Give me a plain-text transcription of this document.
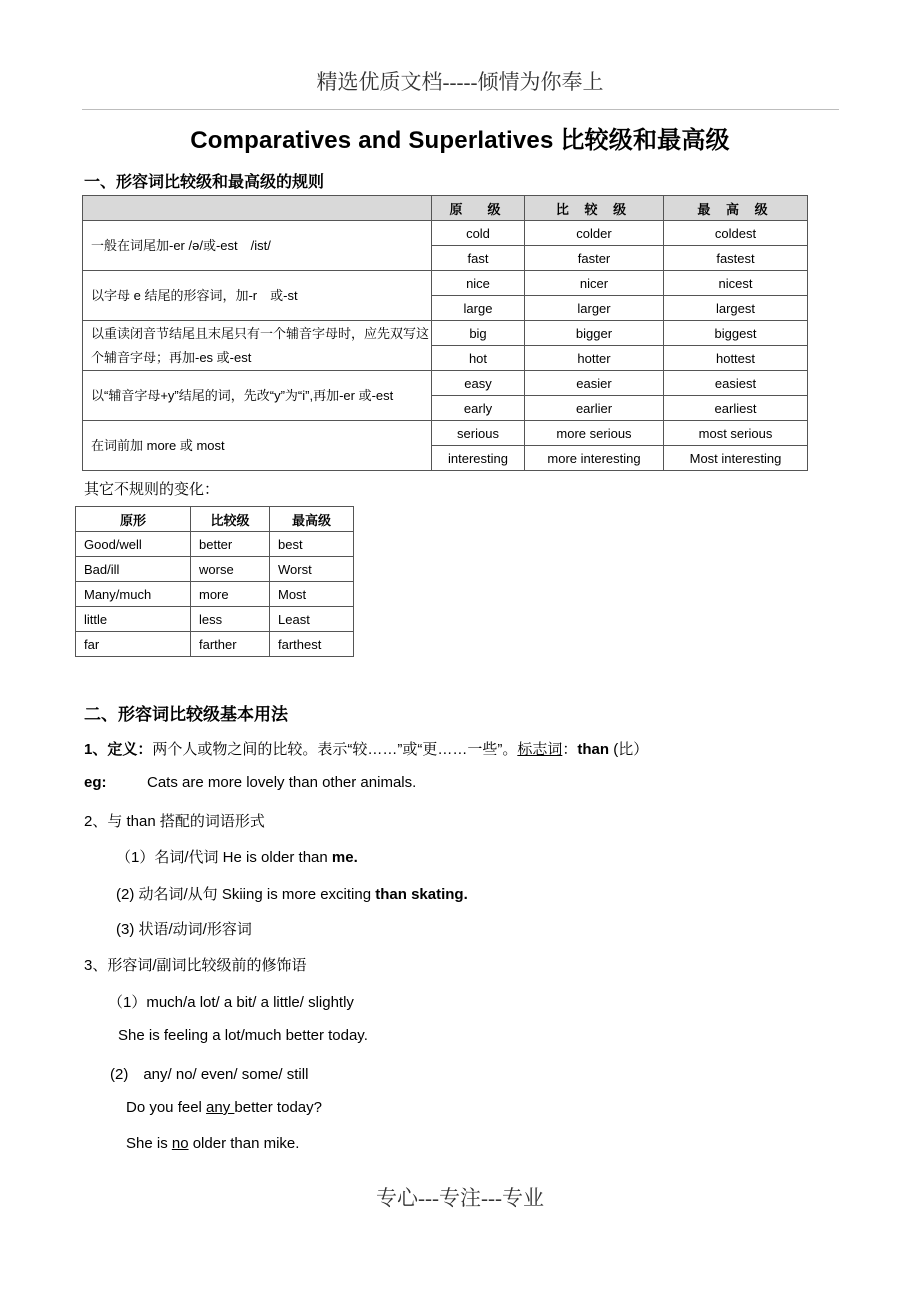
精选优质文档-----倾情为你奉上
Comparatives and Superlatives 比较级和最高级
一、形容词比较级和最高级的规则
	原　级	比 较 级	最 高 级
一般在词尾加-er /ə/或-est　/ist/	cold	colder	coldest
	fast	faster	fastest
以字母 e 结尾的形容词，加-r　或-st	nice	nicer	nicest
	large	larger	largest
以重读闭音节结尾且末尾只有一个辅音字母时，应先双写这个辅音字母；再加-es 或-est	big	bigger	biggest
	hot	hotter	hottest
以“辅音字母+y”结尾的词，先改“y”为“i”,再加-er 或-est	easy	easier	easiest
	early	earlier	earliest
在词前加 more 或 most	serious	more serious	most serious
	interesting	more interesting	Most interesting
其它不规则的变化：
原形	比较级	最高级
Good/well	better	best
Bad/ill	worse	Worst
Many/much	more	Most
little	less	Least
far	farther	farthest
二、形容词比较级基本用法
1、定义：两个人或物之间的比较。表示“较……”或“更……一些”。标志词：than (比）
eg:	Cats are more lovely than other animals.
2、与 than 搭配的词语形式
（1）名词/代词 He is older than me.
(2) 动名词/从句 Skiing is more exciting than skating.
(3) 状语/动词/形容词
3、形容词/副词比较级前的修饰语
（1）much/a lot/ a bit/ a little/ slightly
She is feeling a lot/much better today.
(2)　any/ no/ even/ some/ still
Do you feel any better today?
She is no older than mike.
专心---专注---专业
